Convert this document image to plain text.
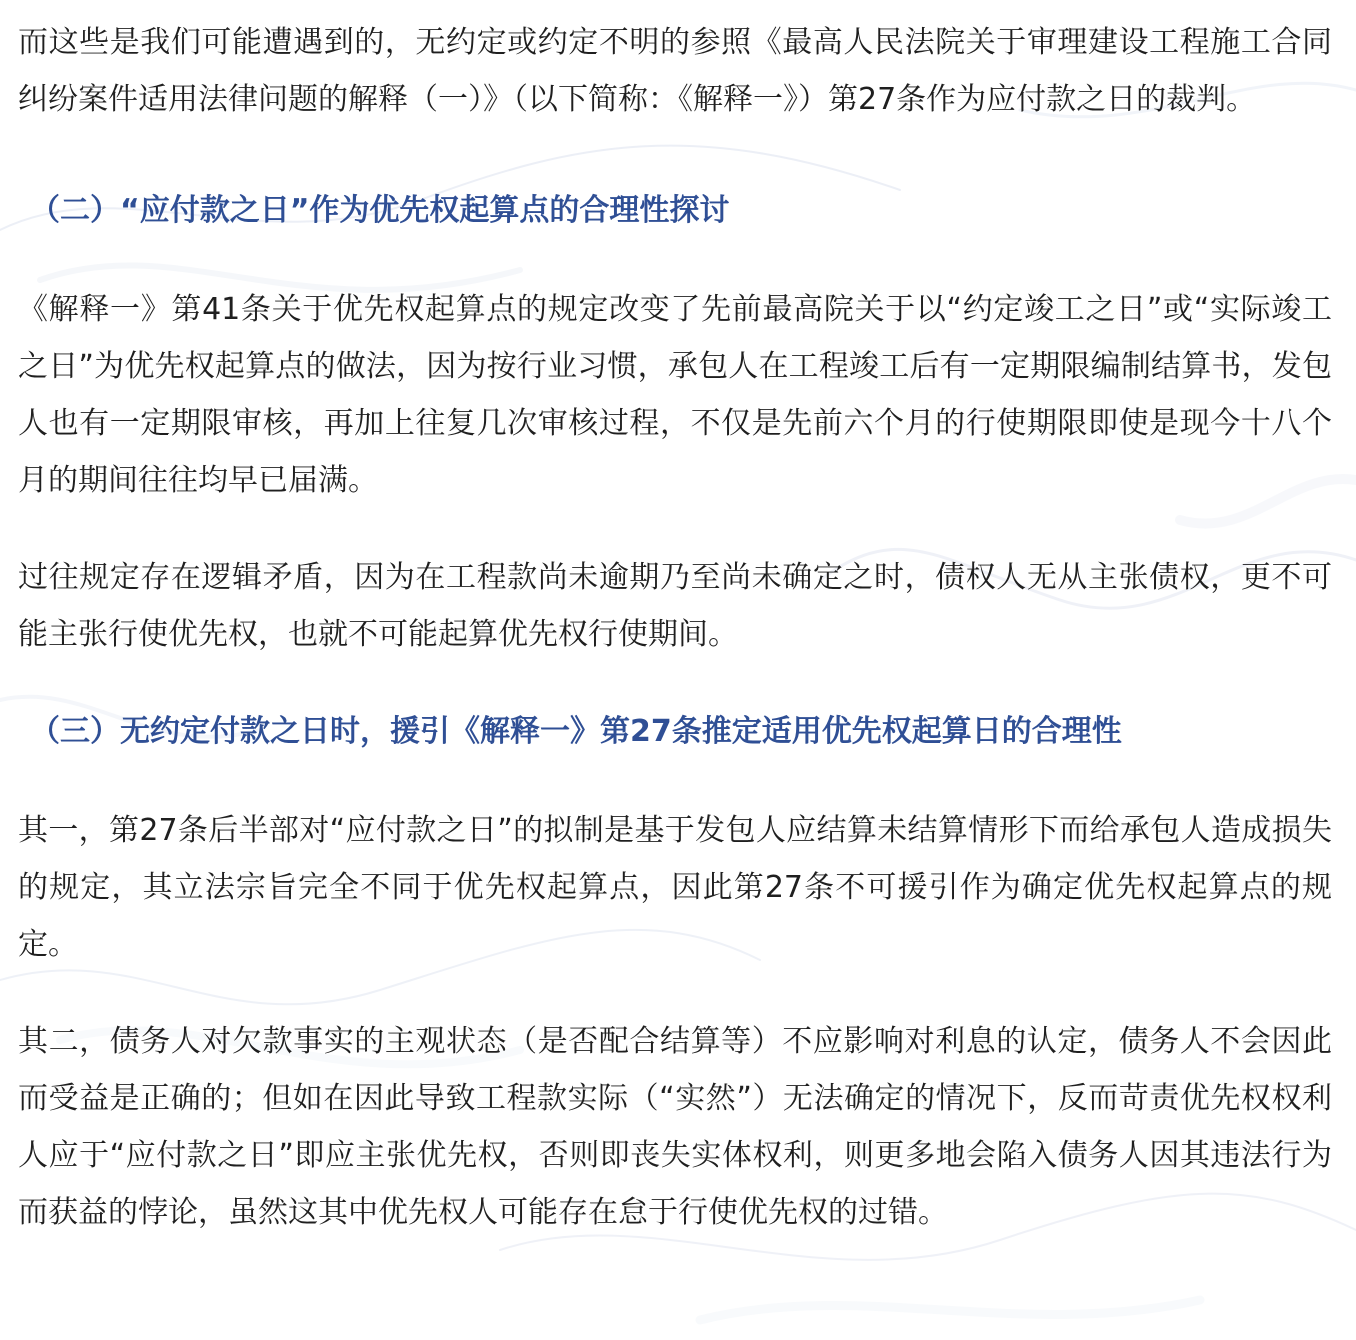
而这些是我们可能遭遇到的，无约定或约定不明的参照《最高人民法院关于审理建设工程施工合同纠纷案件适用法律问题的解释（一）》（以下简称：《解释一》）第27条作为应付款之日的裁判。

（二）“应付款之日”作为优先权起算点的合理性探讨

《解释一》第41条关于优先权起算点的规定改变了先前最高院关于以“约定竣工之日”或“实际竣工之日”为优先权起算点的做法，因为按行业习惯，承包人在工程竣工后有一定期限编制结算书，发包人也有一定期限审核，再加上往复几次审核过程，不仅是先前六个月的行使期限即使是现今十八个月的期间往往均早已届满。

过往规定存在逻辑矛盾，因为在工程款尚未逾期乃至尚未确定之时，债权人无从主张债权，更不可能主张行使优先权，也就不可能起算优先权行使期间。

（三）无约定付款之日时，援引《解释一》第27条推定适用优先权起算日的合理性

其一，第27条后半部对“应付款之日”的拟制是基于发包人应结算未结算情形下而给承包人造成损失的规定，其立法宗旨完全不同于优先权起算点，因此第27条不可援引作为确定优先权起算点的规定。

其二，债务人对欠款事实的主观状态（是否配合结算等）不应影响对利息的认定，债务人不会因此而受益是正确的；但如在因此导致工程款实际（“实然”）无法确定的情况下，反而苛责优先权权利人应于“应付款之日”即应主张优先权，否则即丧失实体权利，则更多地会陷入债务人因其违法行为而获益的悖论，虽然这其中优先权人可能存在怠于行使优先权的过错。
